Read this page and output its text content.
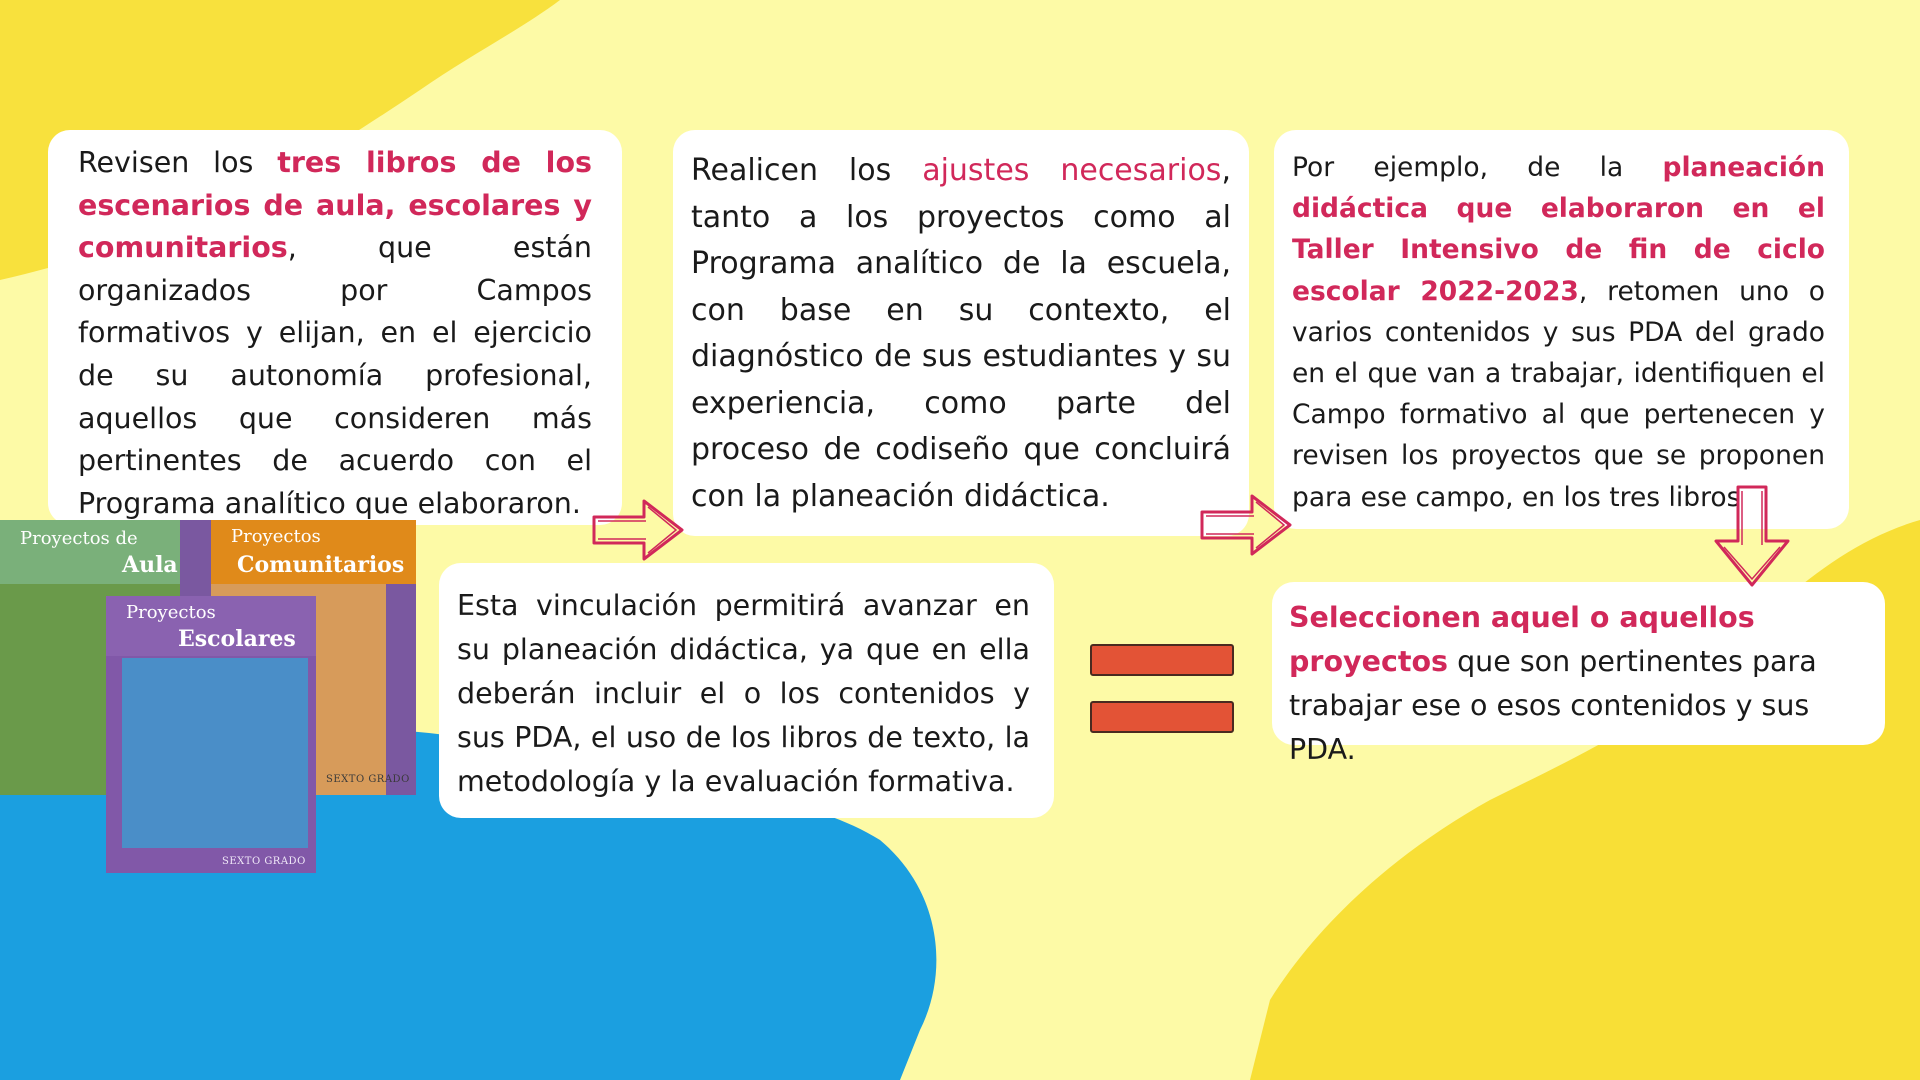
Revisen los tres libros de los escenarios de aula, escolares y comunitarios, que están organizados por Campos formativos y elijan, en el ejercicio de su autonomía profesional, aquellos que consideren más pertinentes de acuerdo con el Programa analítico que elaboraron.

Realicen los ajustes necesarios, tanto a los proyectos como al Programa analítico de la escuela, con base en su contexto, el diagnóstico de sus estudiantes y su experiencia, como parte del proceso de codiseño que concluirá con la planeación didáctica.

Por ejemplo, de la planeación didáctica que elaboraron en el Taller Intensivo de fin de ciclo escolar 2022-2023, retomen uno o varios contenidos y sus PDA del grado en el que van a trabajar, identifiquen el Campo formativo al que pertenecen y revisen los proyectos que se proponen para ese campo, en los tres libros

Esta vinculación permitirá avanzar en su planeación didáctica, ya que en ella deberán incluir el o los contenidos y sus PDA, el uso de los libros de texto, la metodología y la evaluación formativa.

Seleccionen aquel o aquellos proyectos que son pertinentes para trabajar ese o esos contenidos y sus PDA.

Proyectos de
Aula
Proyectos
Comunitarios
SEXTO GRADO
Proyectos
Escolares
SEXTO GRADO
